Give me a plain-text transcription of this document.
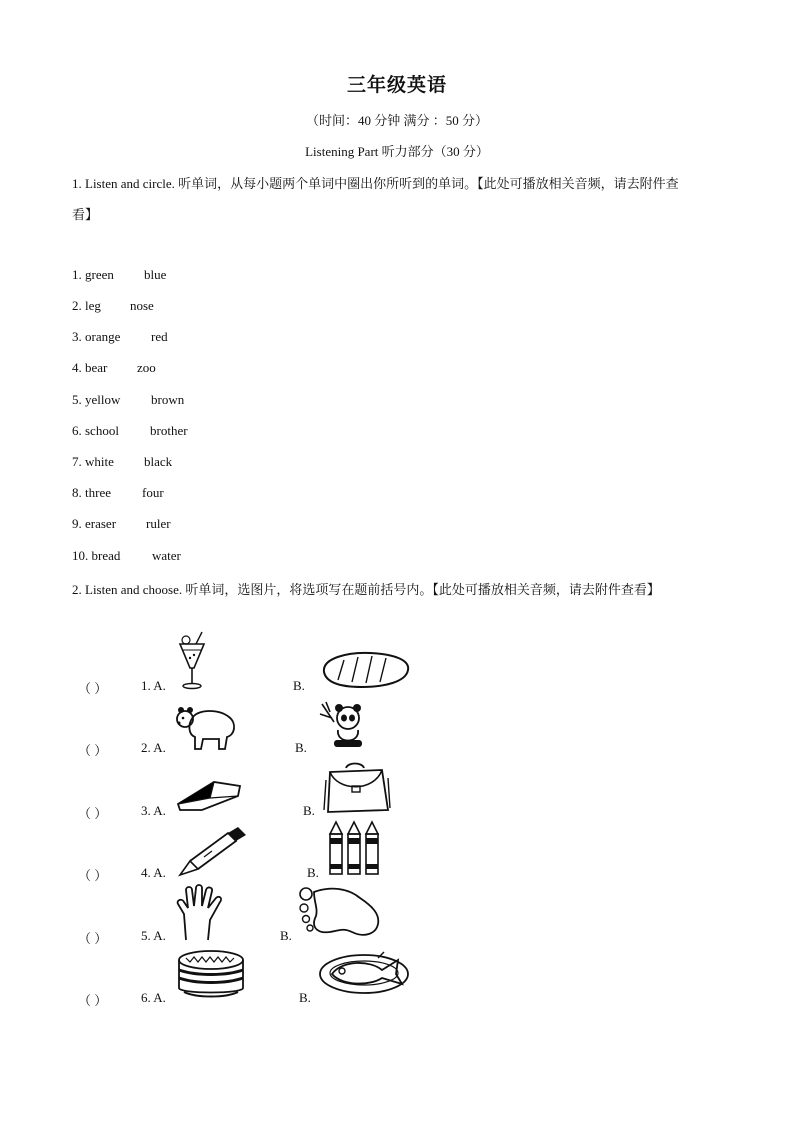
三年级英语
（时间：40 分钟 满分 ：50 分）
Listening Part 听力部分（30 分）
1. Listen and circle. 听单词，从每小题两个单词中圈出你所听到的单词。【此处可播放相关音频，请去附件查
看】
1. green blue
2. leg nose
3. orange red
4. bear zoo
5. yellow brown
6. school brother
7. white black
8. three four
9. eraser ruler
10. bread water
2. Listen and choose. 听单词，选图片，将选项写在题前括号内。【此处可播放相关音频，请去附件查看】
（ ）	1. A.	B.
（ ）	2. A.	B.
（ ）	3. A.	B.
（ ）	4. A.	B.
（ ）	5. A.	B.
（ ）	6. A.	B.
